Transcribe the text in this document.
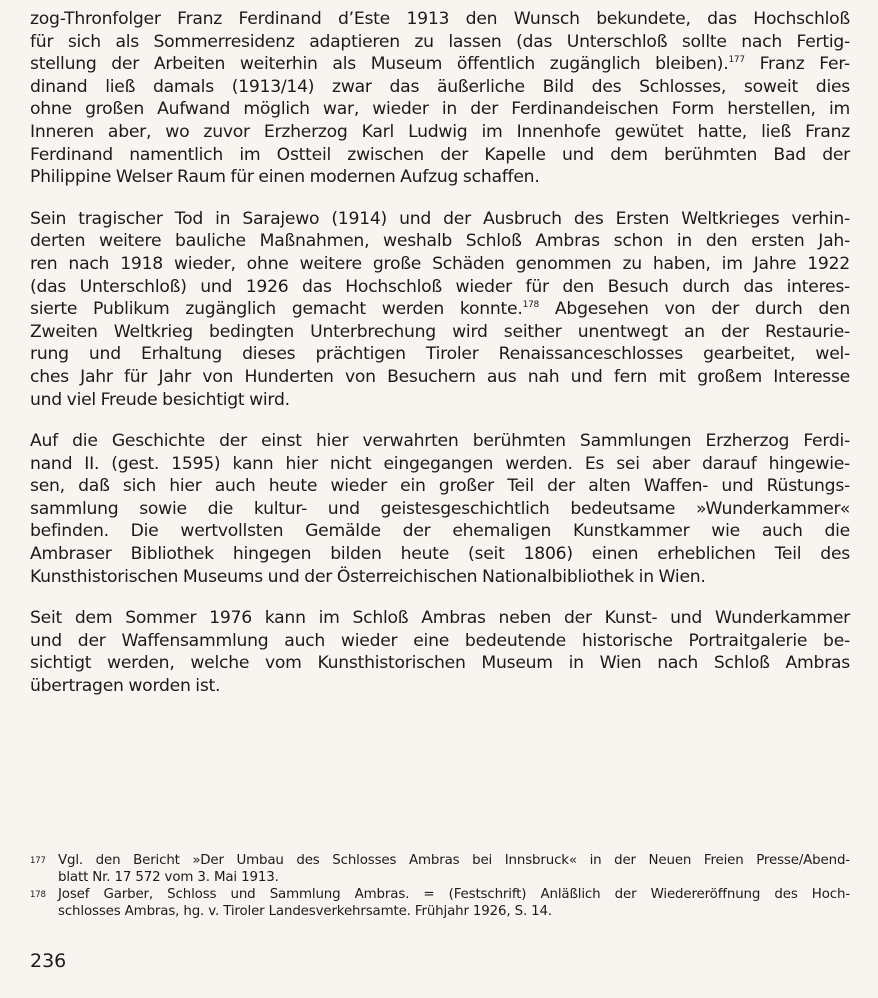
zog-Thronfolger Franz Ferdinand d’Este 1913 den Wunsch bekundete, das Hochschloß
für sich als Sommerresidenz adaptieren zu lassen (das Unterschloß sollte nach Fertig-
stellung der Arbeiten weiterhin als Museum öffentlich zugänglich bleiben).$^{177}$ Franz Fer-
dinand ließ damals (1913/14) zwar das äußerliche Bild des Schlosses, soweit dies
ohne großen Aufwand möglich war, wieder in der Ferdinandeischen Form herstellen, im
Inneren aber, wo zuvor Erzherzog Karl Ludwig im Innenhofe gewütet hatte, ließ Franz
Ferdinand namentlich im Ostteil zwischen der Kapelle und dem berühmten Bad der
Philippine Welser Raum für einen modernen Aufzug schaffen.

Sein tragischer Tod in Sarajewo (1914) und der Ausbruch des Ersten Weltkrieges verhin-
derten weitere bauliche Maßnahmen, weshalb Schloß Ambras schon in den ersten Jah-
ren nach 1918 wieder, ohne weitere große Schäden genommen zu haben, im Jahre 1922
(das Unterschloß) und 1926 das Hochschloß wieder für den Besuch durch das interes-
sierte Publikum zugänglich gemacht werden konnte.$^{178}$ Abgesehen von der durch den
Zweiten Weltkrieg bedingten Unterbrechung wird seither unentwegt an der Restaurie-
rung und Erhaltung dieses prächtigen Tiroler Renaissanceschlosses gearbeitet, wel-
ches Jahr für Jahr von Hunderten von Besuchern aus nah und fern mit großem Interesse
und viel Freude besichtigt wird.

Auf die Geschichte der einst hier verwahrten berühmten Sammlungen Erzherzog Ferdi-
nand II. (gest. 1595) kann hier nicht eingegangen werden. Es sei aber darauf hingewie-
sen, daß sich hier auch heute wieder ein großer Teil der alten Waffen- und Rüstungs-
sammlung sowie die kultur- und geistesgeschichtlich bedeutsame »Wunderkammer«
befinden. Die wertvollsten Gemälde der ehemaligen Kunstkammer wie auch die
Ambraser Bibliothek hingegen bilden heute (seit 1806) einen erheblichen Teil des
Kunsthistorischen Museums und der Österreichischen Nationalbibliothek in Wien.

Seit dem Sommer 1976 kann im Schloß Ambras neben der Kunst- und Wunderkammer
und der Waffensammlung auch wieder eine bedeutende historische Portraitgalerie be-
sichtigt werden, welche vom Kunsthistorischen Museum in Wien nach Schloß Ambras
übertragen worden ist.

177 Vgl. den Bericht »Der Umbau des Schlosses Ambras bei Innsbruck« in der Neuen Freien Presse/Abend-
blatt Nr. 17 572 vom 3. Mai 1913.
178 Josef Garber, Schloss und Sammlung Ambras. = (Festschrift) Anläßlich der Wiedereröffnung des Hoch-
schlosses Ambras, hg. v. Tiroler Landesverkehrsamte. Frühjahr 1926, S. 14.
236
